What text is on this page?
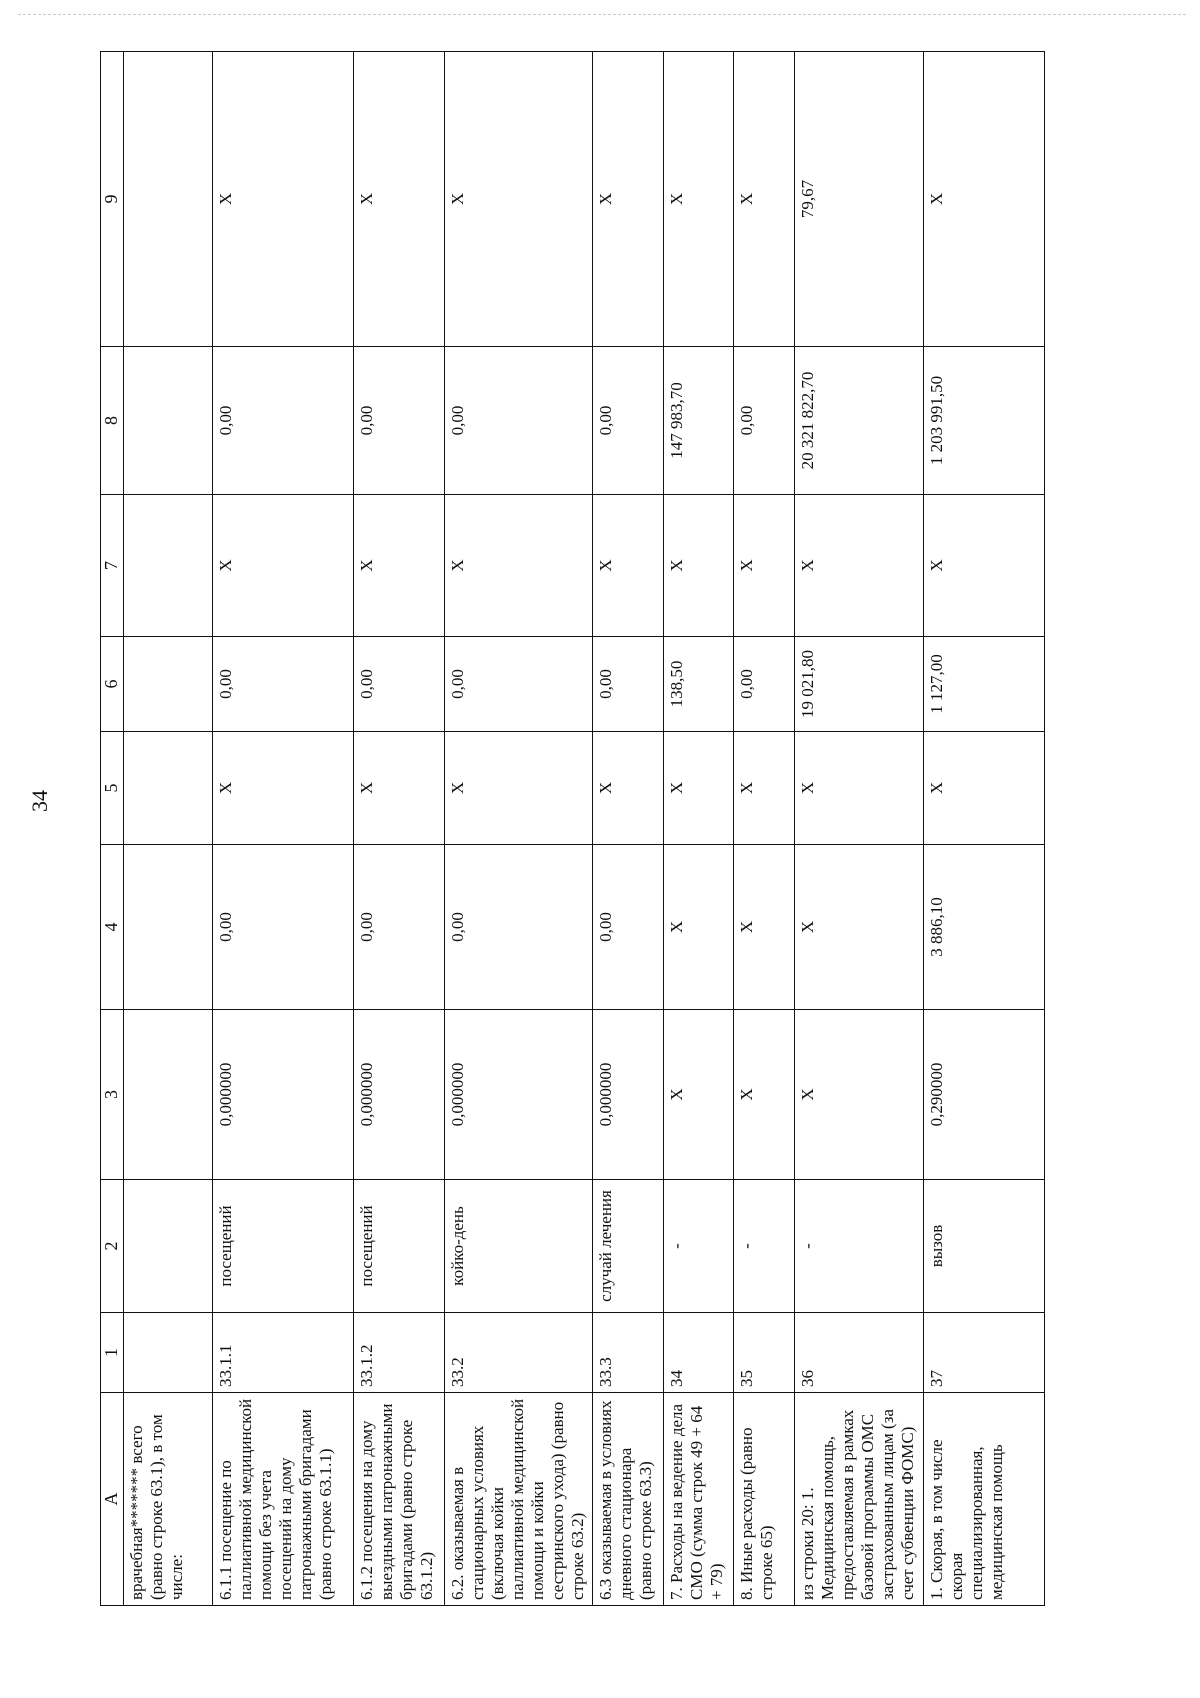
34
А	1	2	3	4	5	6	7	8	9
врачебная******* всего (равно строке 63.1), в том числе:									
6.1.1 посещение по паллиативной медицинской помощи без учета посещений на дому патронажными бригадами (равно строке 63.1.1)	33.1.1	посещений	0,000000	0,00	Х	0,00	Х	0,00	Х
6.1.2 посещения на дому выездными патронажными бригадами (равно строке 63.1.2)	33.1.2	посещений	0,000000	0,00	Х	0,00	Х	0,00	Х
6.2. оказываемая в стационарных условиях (включая койки паллиативной медицинской помощи и койки сестринского ухода) (равно строке 63.2)	33.2	койко-день	0,000000	0,00	Х	0,00	Х	0,00	Х
6.3 оказываемая в условиях дневного стационара (равно строке 63.3)	33.3	случай лечения	0,000000	0,00	Х	0,00	Х	0,00	Х
7. Расходы на ведение дела СМО (сумма строк 49 + 64 + 79)	34	-	Х	Х	Х	138,50	Х	147 983,70	Х
8. Иные расходы (равно строке 65)	35	-	Х	Х	Х	0,00	Х	0,00	Х
из строки 20: 1. Медицинская помощь, предоставляемая в рамках базовой программы ОМС застрахованным лицам (за счет субвенции ФОМС)	36	-	Х	Х	Х	19 021,80	Х	20 321 822,70	79,67
1. Скорая, в том числе скорая специализированная, медицинская помощь	37	вызов	0,290000	3 886,10	Х	1 127,00	Х	1 203 991,50	Х
